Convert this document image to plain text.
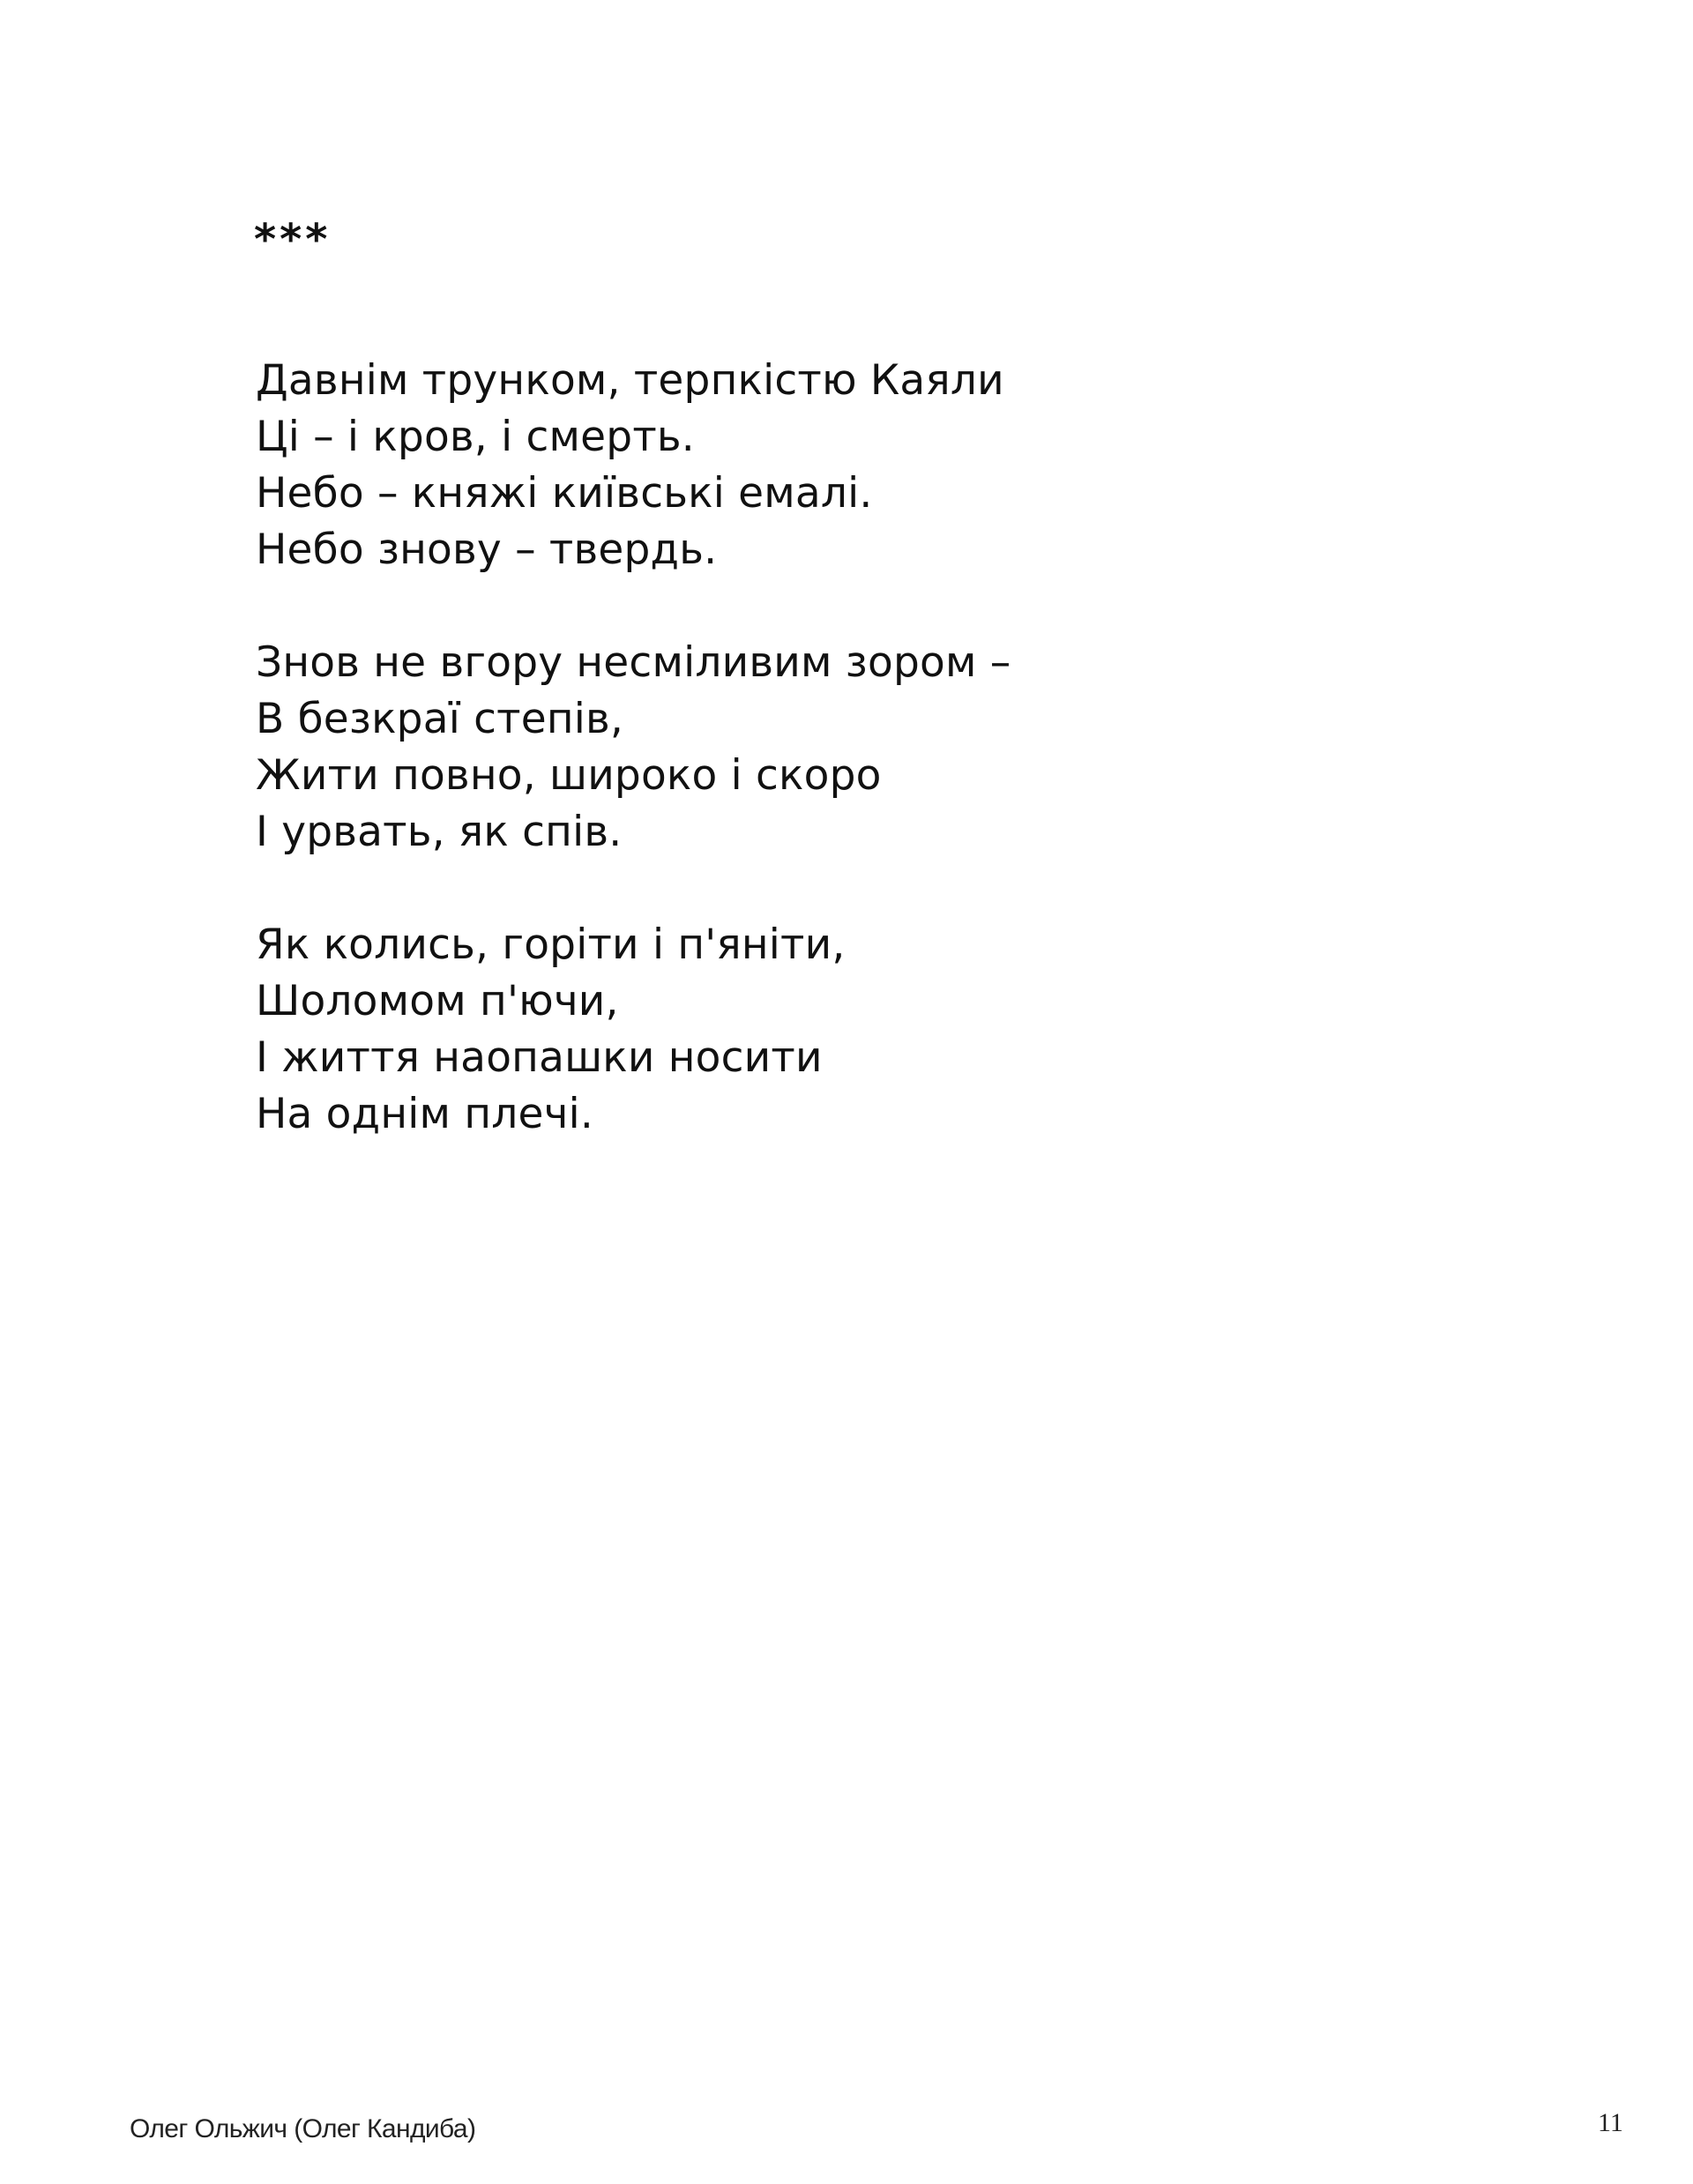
***
Давнім трунком, терпкістю Каяли
Ці – і кров, і смерть.
Небо – княжі київські емалі.
Небо знову – твердь.
Знов не вгору несміливим зором –
В безкраї степів,
Жити повно, широко і скоро
І урвать, як спів.
Як колись, горіти і п'яніти,
Шоломом п'ючи,
І життя наопашки носити
На однім плечі.
Олег Ольжич (Олег Кандиба)	11
